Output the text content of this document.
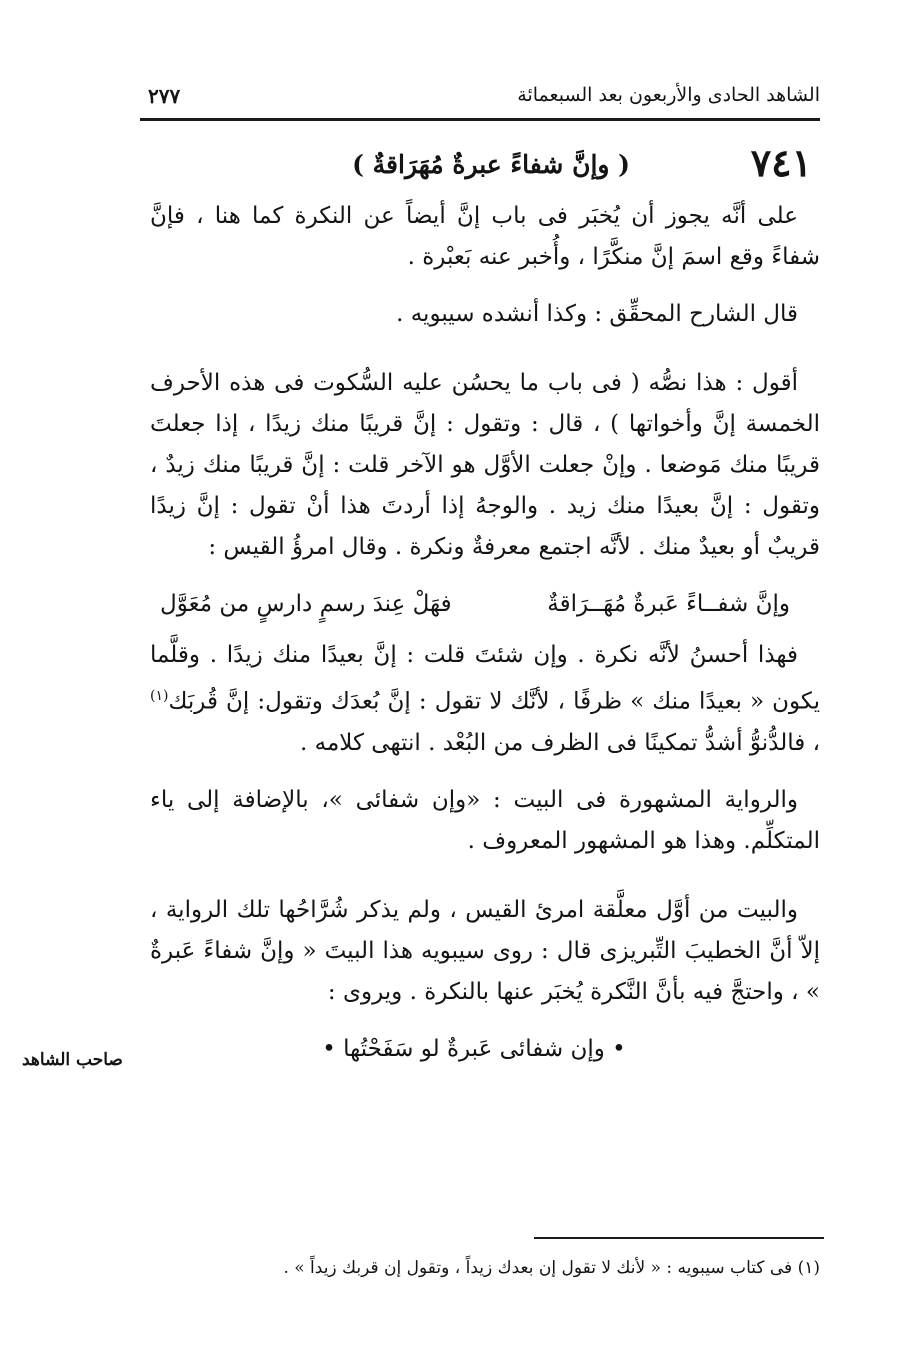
الشاهد الحادى والأربعون بعد السبعمائة
٢٧٧
٧٤١
( وإنَّ شفاءً عبرةٌ مُهَرَاقةٌ )

على أنَّه يجوز أن يُخبَر فى باب إنَّ أيضاً عن النكرة كما هنا ، فإنَّ شفاءً وقع اسمَ إنَّ منكَّرًا ، وأُخبر عنه بَعبْرة .

قال الشارح المحقِّق : وكذا أنشده سيبويه .

أقول : هذا نصُّه ( فى باب ما يحسُن عليه السُّكوت فى هذه الأحرف الخمسة إنَّ وأخواتها ) ، قال : وتقول : إنَّ قريبًا منك زيدًا ، إذا جعلتَ قريبًا منك مَوضعا . وإنْ جعلت الأوَّل هو الآخر قلت : إنَّ قريبًا منك زيدٌ ، وتقول : إنَّ بعيدًا منك زيد . والوجهُ إذا أردتَ هذا أنْ تقول : إنَّ زيدًا قريبٌ أو بعيدٌ منك . لأنَّه اجتمع معرفةٌ ونكرة . وقال امرؤُ القيس :

وإنَّ شفــاءً عَبرةٌ مُهَــرَاقةٌ
فهَلْ عِندَ رسمٍ دارسٍ من مُعَوَّل

فهذا أحسنُ لأنَّه نكرة . وإن شئتَ قلت : إنَّ بعيدًا منك زيدًا . وقلَّما يكون « بعيدًا منك » ظرفًا ، لأنَّك لا تقول : إنَّ بُعدَك وتقول: إنَّ قُربَك$^{(١)}$ ، فالدُّنوُّ أشدُّ تمكينًا فى الظرف من البُعْد . انتهى كلامه .

والرواية المشهورة فى البيت : «وإن شفائى »، بالإضافة إلى ياء المتكلِّم. وهذا هو المشهور المعروف .

والبيت من أوَّل معلَّقة امرئ القيس ، ولم يذكر شُرَّاحُها تلك الرواية ، إلاّ أنَّ الخطيبَ التِّبريزى قال : روى سيبويه هذا البيتَ « وإنَّ شفاءً عَبرةٌ » ، واحتجَّ فيه بأنَّ النَّكرة يُخبَر عنها بالنكرة . ويروى :

• وإن شفائى عَبرةٌ لو سَفَحْتُها •

صاحب الشاهد
(١) فى كتاب سيبويه : « لأنك لا تقول إن بعدك زيداً ، وتقول إن قربك زيداً » .
